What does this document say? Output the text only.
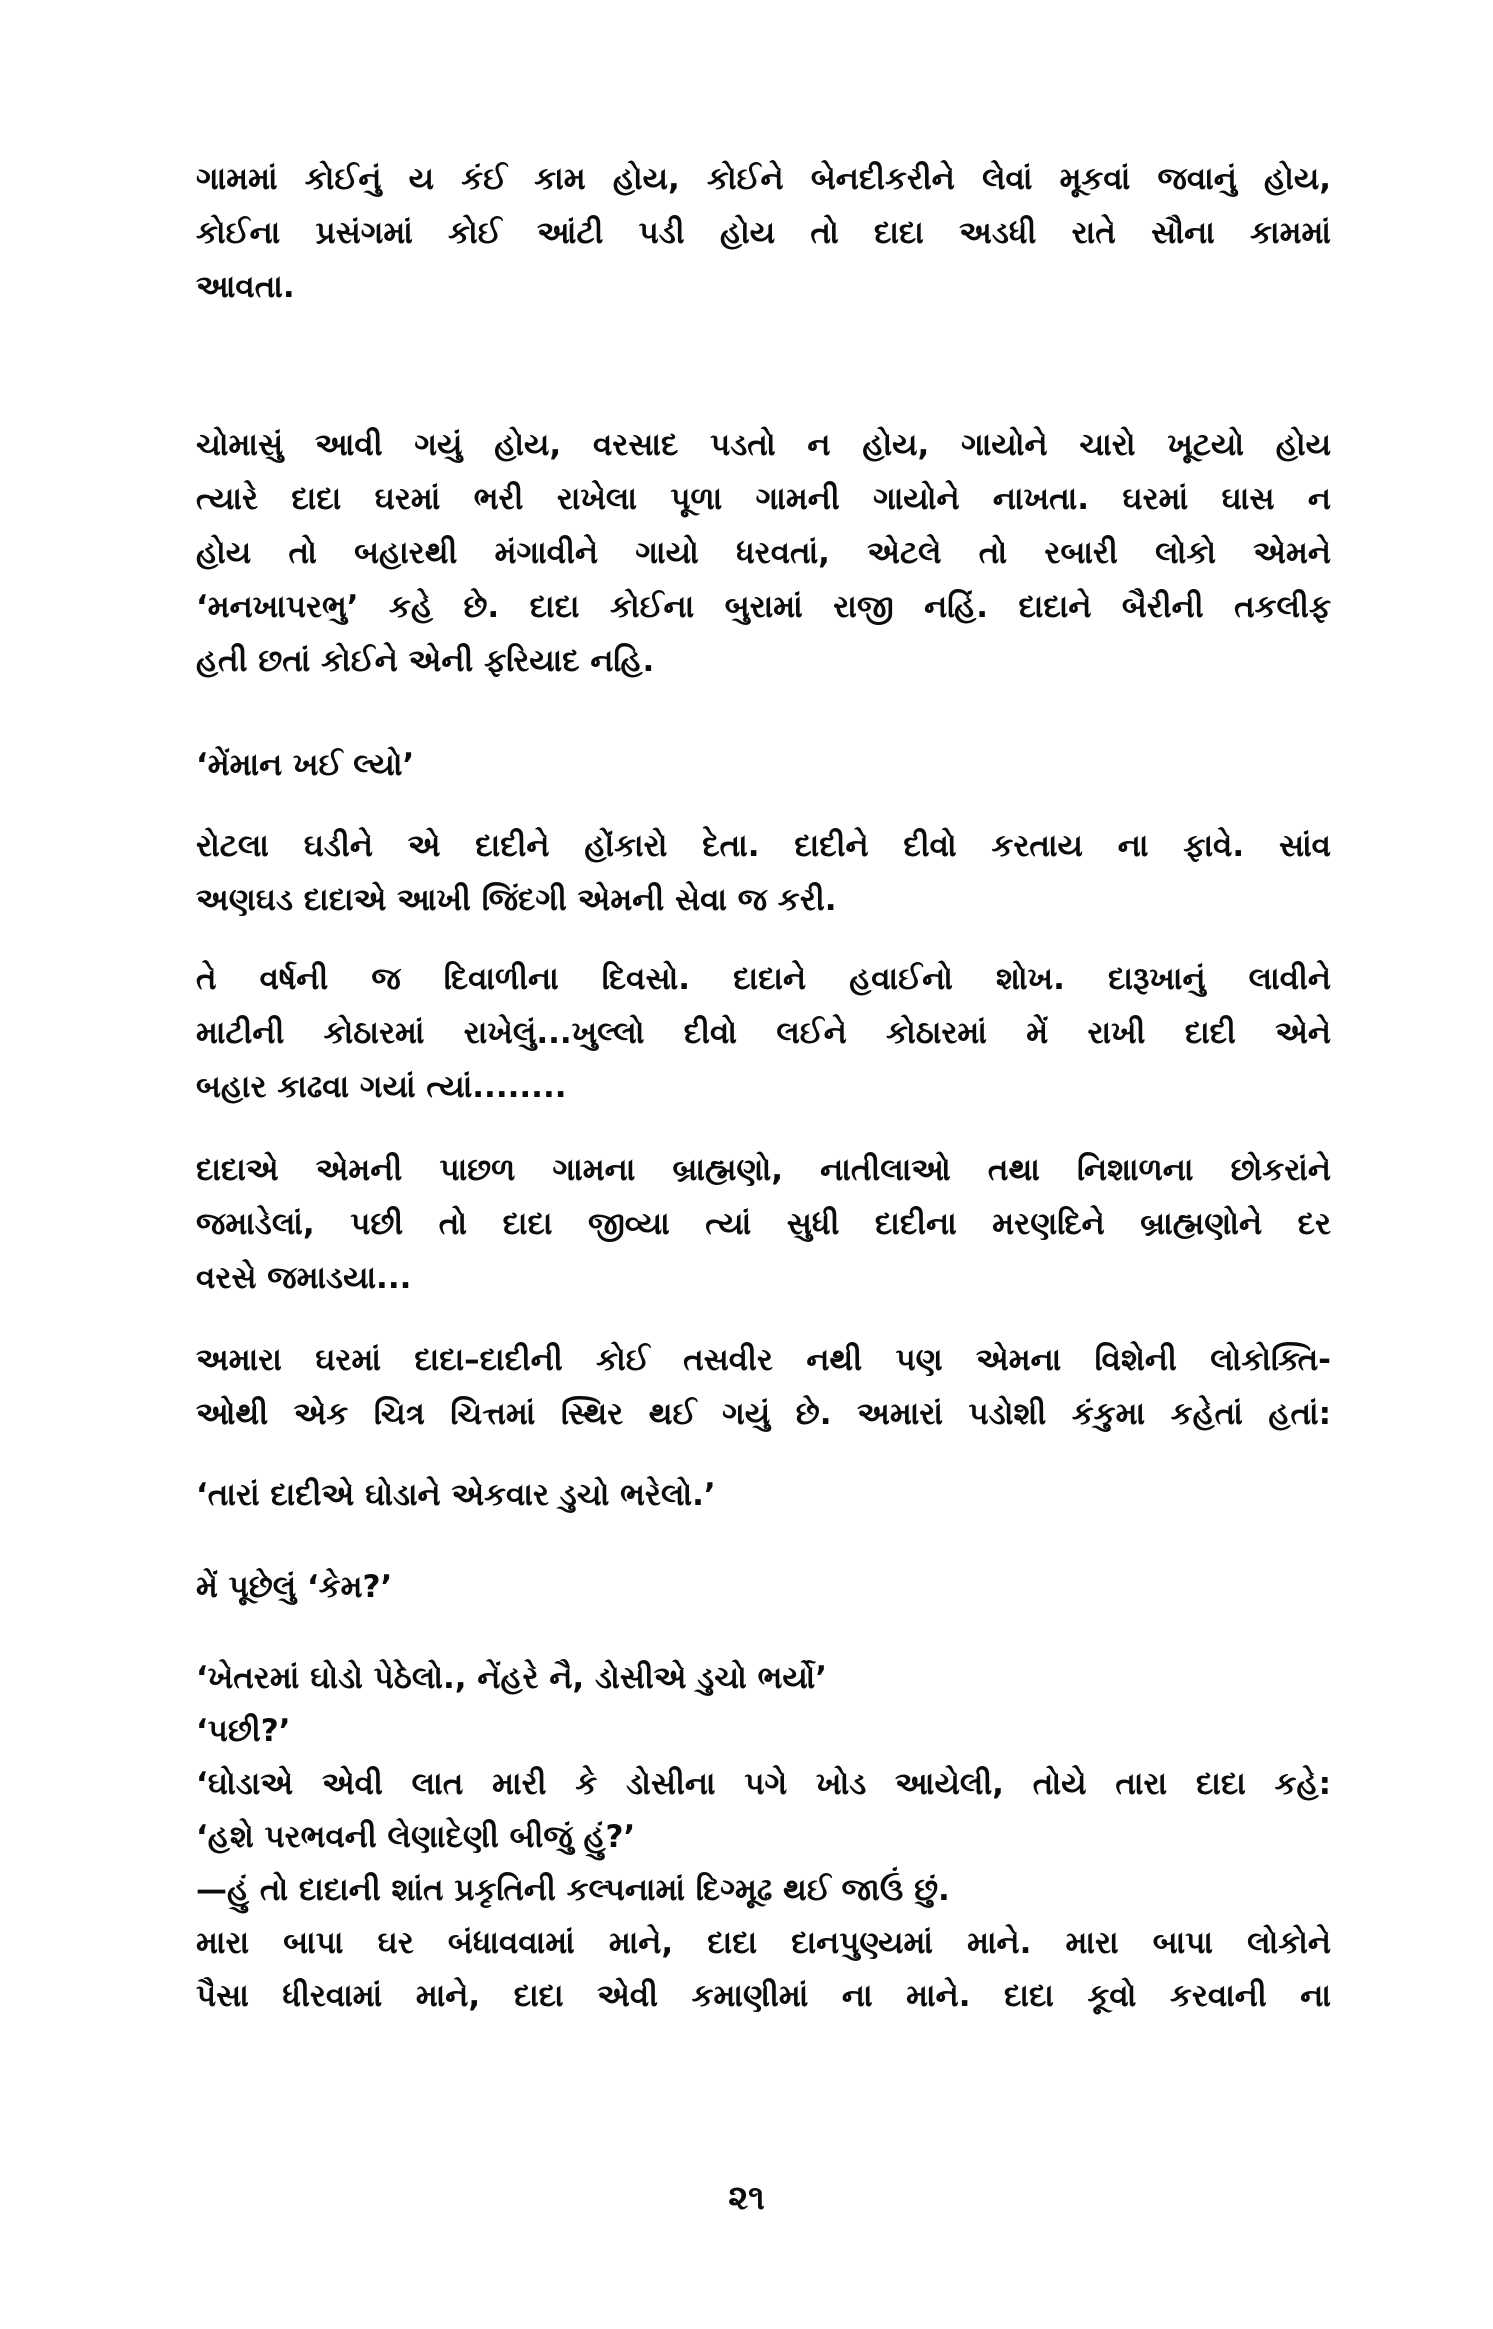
ગામમાં કોઈનું ય કંઈ કામ હોય, કોઈને બેનદીકરીને લેવાં મૂકવાં જવાનું હોય,
કોઈના પ્રસંગમાં કોઈ આંટી પડી હોય તો દાદા અડધી રાતે સૌના કામમાં
આવતા.
ચોમાસું આવી ગયું હોય, વરસાદ પડતો ન હોય, ગાયોને ચારો ખૂટયો હોય
ત્યારે દાદા ઘરમાં ભરી રાખેલા પૂળા ગામની ગાયોને નાખતા. ઘરમાં ઘાસ ન
હોય તો બહારથી મંગાવીને ગાયો ધરવતાં, એટલે તો રબારી લોકો એમને
‘મનખાપરભુ’ કહે છે. દાદા કોઈના બુરામાં રાજી નહિં. દાદાને બૈરીની તકલીફ
હતી છતાં કોઈને એની ફરિયાદ નહિ.
‘મેંમાન ખઈ લ્યો’
રોટલા ઘડીને એ દાદીને હોંકારો દેતા. દાદીને દીવો કરતાય ના ફાવે. સાંવ
અણઘડ દાદાએ આખી જિંદગી એમની સેવા જ કરી.
તે વર્ષની જ દિવાળીના દિવસો. દાદાને હવાઈનો શોખ. દારૂખાનું લાવીને
માટીની કોઠારમાં રાખેલું...ખુલ્લો દીવો લઈને કોઠારમાં મેં રાખી દાદી એને
બહાર કાઢવા ગયાં ત્યાં........
દાદાએ એમની પાછળ ગામના બ્રાહ્મણો, નાતીલાઓ તથા નિશાળના છોકરાંને
જમાડેલાં, પછી તો દાદા જીવ્યા ત્યાં સુધી દાદીના મરણદિને બ્રાહ્મણોને દર
વરસે જમાડયા...
અમારા ઘરમાં દાદા–દાદીની કોઈ તસવીર નથી પણ એમના વિશેની લોકોક્તિ-
ઓથી એક ચિત્ર ચિત્તમાં સ્થિર થઈ ગયું છે. અમારાં પડોશી કંકુમા કહેતાં હતાં:
‘તારાં દાદીએ ઘોડાને એકવાર ડુચો ભરેલો.’
મેં પૂછેલું ‘કેમ?’
‘ખેતરમાં ઘોડો પેઠેલો., નેંહરે નૈ, ડોસીએ ડુચો ભર્યો’
‘પછી?’
‘ઘોડાએ એવી લાત મારી કે ડોસીના પગે ખોડ આયેલી, તોયે તારા દાદા કહે:
‘હશે પરભવની લેણાદેણી બીજું હું?’
—હું તો દાદાની શાંત પ્રકૃતિની કલ્પનામાં દિગ્મૂઢ થઈ જાઉં છું.
મારા બાપા ઘર બંધાવવામાં માને, દાદા દાનપુણ્યમાં માને. મારા બાપા લોકોને
પૈસા ધીરવામાં માને, દાદા એવી કમાણીમાં ના માને. દાદા કૂવો કરવાની ના
૨૧
